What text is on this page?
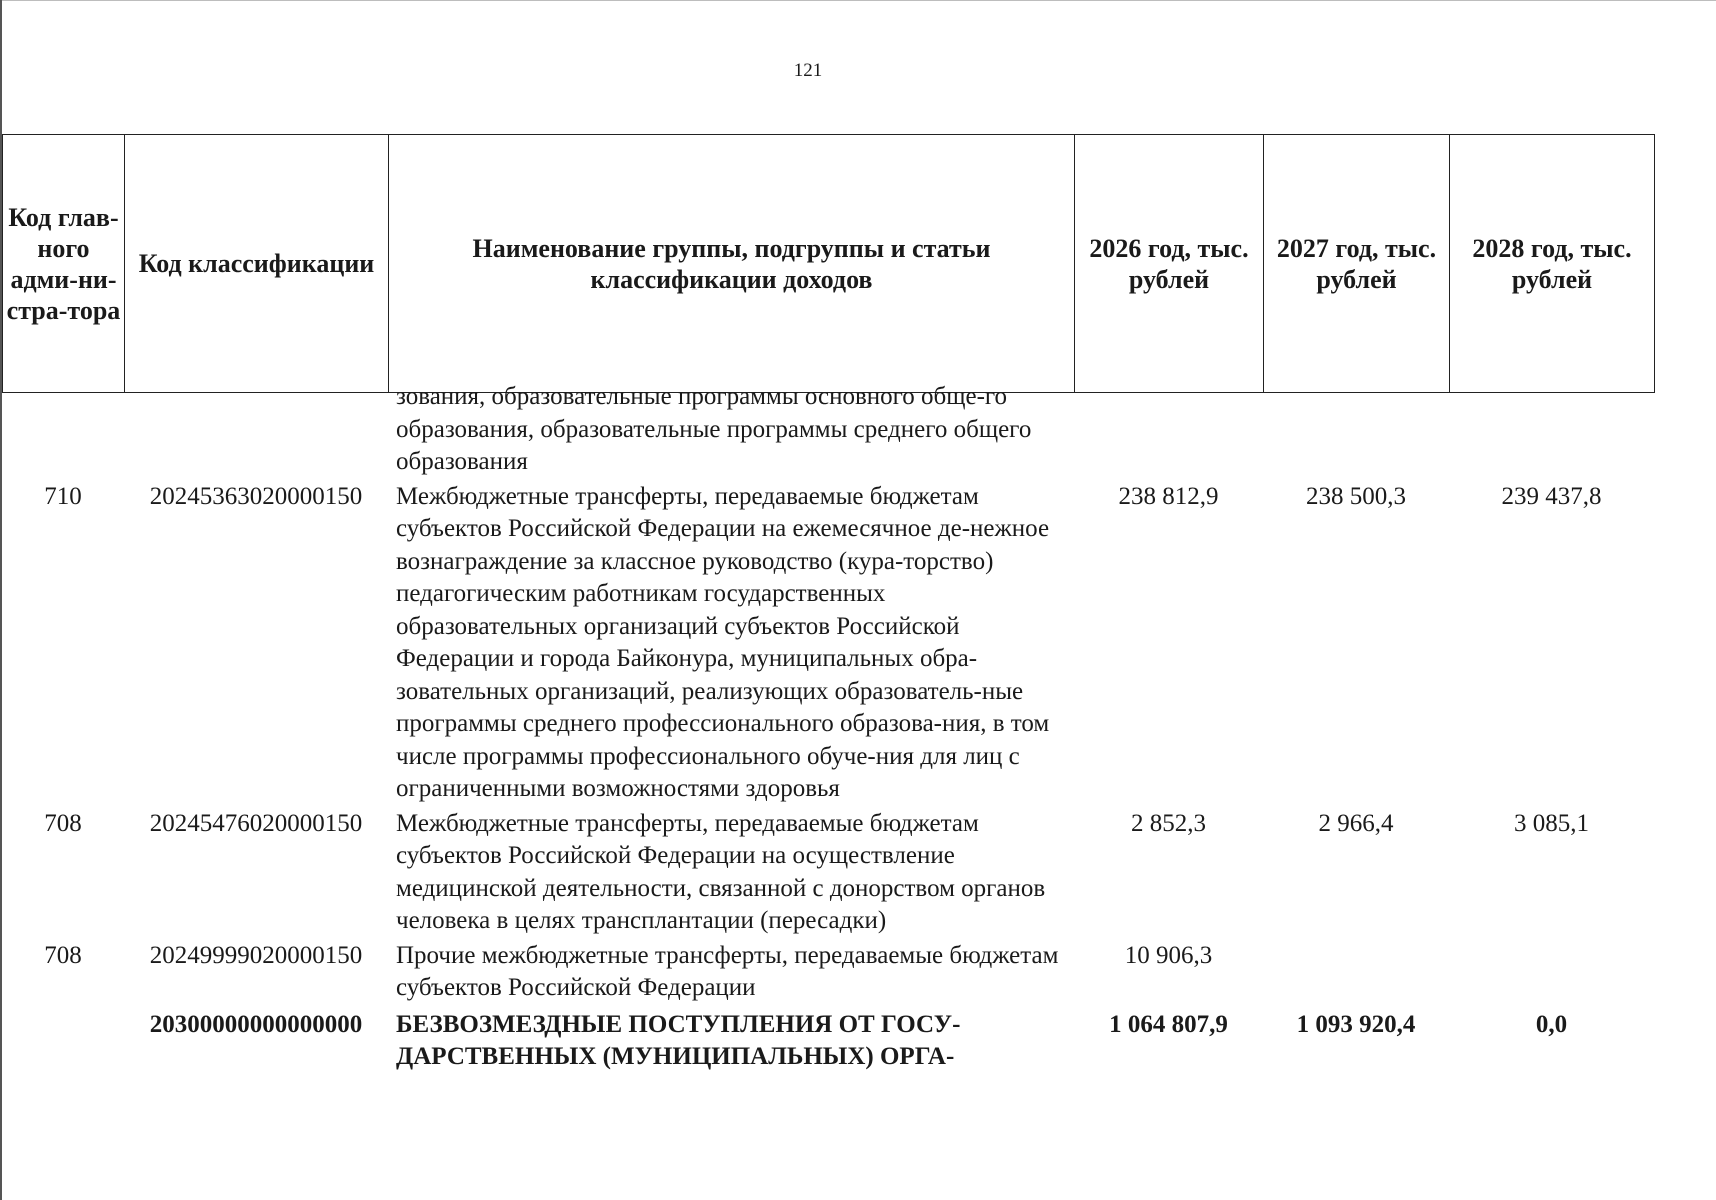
121
Код глав-ного адми-ни-стра-тора	Код классификации	Наименование группы, подгруппы и статьи классификации доходов	2026 год, тыс. рублей	2027 год, тыс. рублей	2028 год, тыс. рублей
		зования, образовательные программы основного обще-го образования, образовательные программы среднего общего образования			
710	20245363020000150	Межбюджетные трансферты, передаваемые бюджетам субъектов Российской Федерации на ежемесячное де-нежное вознаграждение за классное руководство (кура-торство) педагогическим работникам государственных образовательных организаций субъектов Российской Федерации и города Байконура, муниципальных обра-зовательных организаций, реализующих образователь-ные программы среднего профессионального образова-ния, в том числе программы профессионального обуче-ния для лиц с ограниченными возможностями здоровья	238 812,9	238 500,3	239 437,8
708	20245476020000150	Межбюджетные трансферты, передаваемые бюджетам субъектов Российской Федерации на осуществление медицинской деятельности, связанной с донорством органов человека в целях трансплантации (пересадки)	2 852,3	2 966,4	3 085,1
708	20249999020000150	Прочие межбюджетные трансферты, передаваемые бюджетам субъектов Российской Федерации	10 906,3		
	20300000000000000	БЕЗВОЗМЕЗДНЫЕ ПОСТУПЛЕНИЯ ОТ ГОСУ-ДАРСТВЕННЫХ (МУНИЦИПАЛЬНЫХ) ОРГА-	1 064 807,9	1 093 920,4	0,0
